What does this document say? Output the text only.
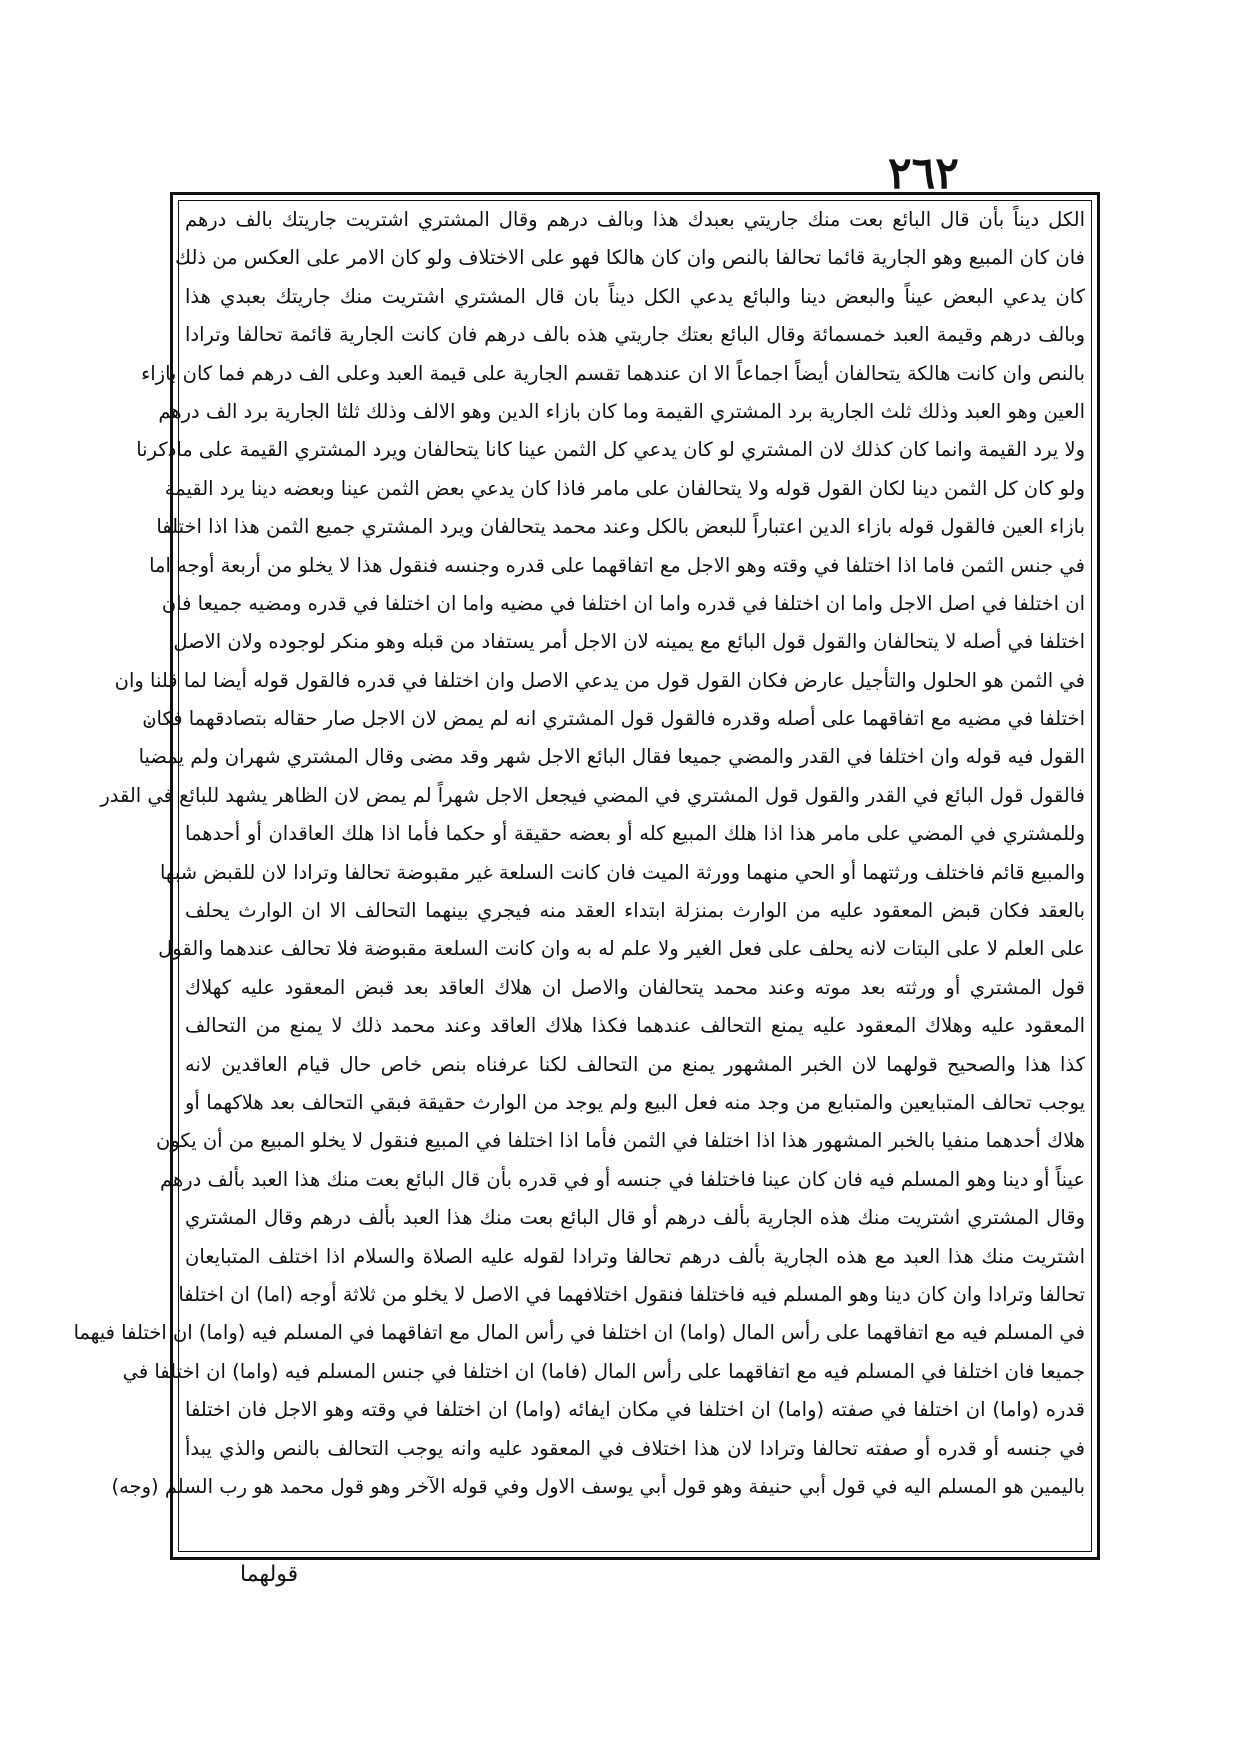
٢٦٢
الكل ديناً بأن قال البائع بعت منك جاريتي بعبدك هذا وبالف درهم وقال المشتري اشتريت جاريتك بالف درهم
فان كان المبيع وهو الجارية قائما تحالفا بالنص وان كان هالكا فهو على الاختلاف ولو كان الامر على العكس من ذلك
كان يدعي البعض عيناً والبعض دينا والبائع يدعي الكل ديناً بان قال المشتري اشتريت منك جاريتك بعبدي هذا
وبالف درهم وقيمة العبد خمسمائة وقال البائع بعتك جاريتي هذه بالف درهم فان كانت الجارية قائمة تحالفا وترادا
بالنص وان كانت هالكة يتحالفان أيضاً اجماعاً الا ان عندهما تقسم الجارية على قيمة العبد وعلى الف درهم فما كان بازاء
العين وهو العبد وذلك ثلث الجارية برد المشتري القيمة وما كان بازاء الدين وهو الالف وذلك ثلثا الجارية برد الف درهم
ولا يرد القيمة وانما كان كذلك لان المشتري لو كان يدعي كل الثمن عينا كانا يتحالفان ويرد المشتري القيمة على ماذكرنا
ولو كان كل الثمن دينا لكان القول قوله ولا يتحالفان على مامر فاذا كان يدعي بعض الثمن عينا وبعضه دينا يرد القيمة
بازاء العين فالقول قوله بازاء الدين اعتباراً للبعض بالكل وعند محمد يتحالفان ويرد المشتري جميع الثمن هذا اذا اختلفا
في جنس الثمن فاما اذا اختلفا في وقته وهو الاجل مع اتفاقهما على قدره وجنسه فنقول هذا لا يخلو من أربعة أوجه اما
ان اختلفا في اصل الاجل واما ان اختلفا في قدره واما ان اختلفا في مضيه واما ان اختلفا في قدره ومضيه جميعا فان
اختلفا في أصله لا يتحالفان والقول قول البائع مع يمينه لان الاجل أمر يستفاد من قبله وهو منكر لوجوده ولان الاصل
في الثمن هو الحلول والتأجيل عارض فكان القول قول من يدعي الاصل وان اختلفا في قدره فالقول قوله أيضا لما قلنا وان
اختلفا في مضيه مع اتفاقهما على أصله وقدره فالقول قول المشتري انه لم يمض لان الاجل صار حقاله بتصادقهما فكان
القول فيه قوله وان اختلفا في القدر والمضي جميعا فقال البائع الاجل شهر وقد مضى وقال المشتري شهران ولم يمضيا
فالقول قول البائع في القدر والقول قول المشتري في المضي فيجعل الاجل شهراً لم يمض لان الظاهر يشهد للبائع في القدر
وللمشتري في المضي على مامر هذا اذا هلك المبيع كله أو بعضه حقيقة أو حكما فأما اذا هلك العاقدان أو أحدهما
والمبيع قائم فاختلف ورثتهما أو الحي منهما وورثة الميت فان كانت السلعة غير مقبوضة تحالفا وترادا لان للقبض شبها
بالعقد فكان قبض المعقود عليه من الوارث بمنزلة ابتداء العقد منه فيجري بينهما التحالف الا ان الوارث يحلف
على العلم لا على البتات لانه يحلف على فعل الغير ولا علم له به وان كانت السلعة مقبوضة فلا تحالف عندهما والقول
قول المشتري أو ورثته بعد موته وعند محمد يتحالفان والاصل ان هلاك العاقد بعد قبض المعقود عليه كهلاك
المعقود عليه وهلاك المعقود عليه يمنع التحالف عندهما فكذا هلاك العاقد وعند محمد ذلك لا يمنع من التحالف
كذا هذا والصحيح قولهما لان الخبر المشهور يمنع من التحالف لكنا عرفناه بنص خاص حال قيام العاقدين لانه
يوجب تحالف المتبايعين والمتبايع من وجد منه فعل البيع ولم يوجد من الوارث حقيقة فبقي التحالف بعد هلاكهما أو
هلاك أحدهما منفيا بالخبر المشهور هذا اذا اختلفا في الثمن فأما اذا اختلفا في المبيع فنقول لا يخلو المبيع من أن يكون
عيناً أو دينا وهو المسلم فيه فان كان عينا فاختلفا في جنسه أو في قدره بأن قال البائع بعت منك هذا العبد بألف درهم
وقال المشتري اشتريت منك هذه الجارية بألف درهم أو قال البائع بعت منك هذا العبد بألف درهم وقال المشتري
اشتريت منك هذا العبد مع هذه الجارية بألف درهم تحالفا وترادا لقوله عليه الصلاة والسلام اذا اختلف المتبايعان
تحالفا وترادا وان كان دينا وهو المسلم فيه فاختلفا فنقول اختلافهما في الاصل لا يخلو من ثلاثة أوجه (اما) ان اختلفا
في المسلم فيه مع اتفاقهما على رأس المال (واما) ان اختلفا في رأس المال مع اتفاقهما في المسلم فيه (واما) ان اختلفا فيهما
جميعا فان اختلفا في المسلم فيه مع اتفاقهما على رأس المال (فاما) ان اختلفا في جنس المسلم فيه (واما) ان اختلفا في
قدره (واما) ان اختلفا في صفته (واما) ان اختلفا في مكان ايفائه (واما) ان اختلفا في وقته وهو الاجل فان اختلفا
في جنسه أو قدره أو صفته تحالفا وترادا لان هذا اختلاف في المعقود عليه وانه يوجب التحالف بالنص والذي يبدأ
باليمين هو المسلم اليه في قول أبي حنيفة وهو قول أبي يوسف الاول وفي قوله الآخر وهو قول محمد هو رب السلم (وجه)
قولهما
